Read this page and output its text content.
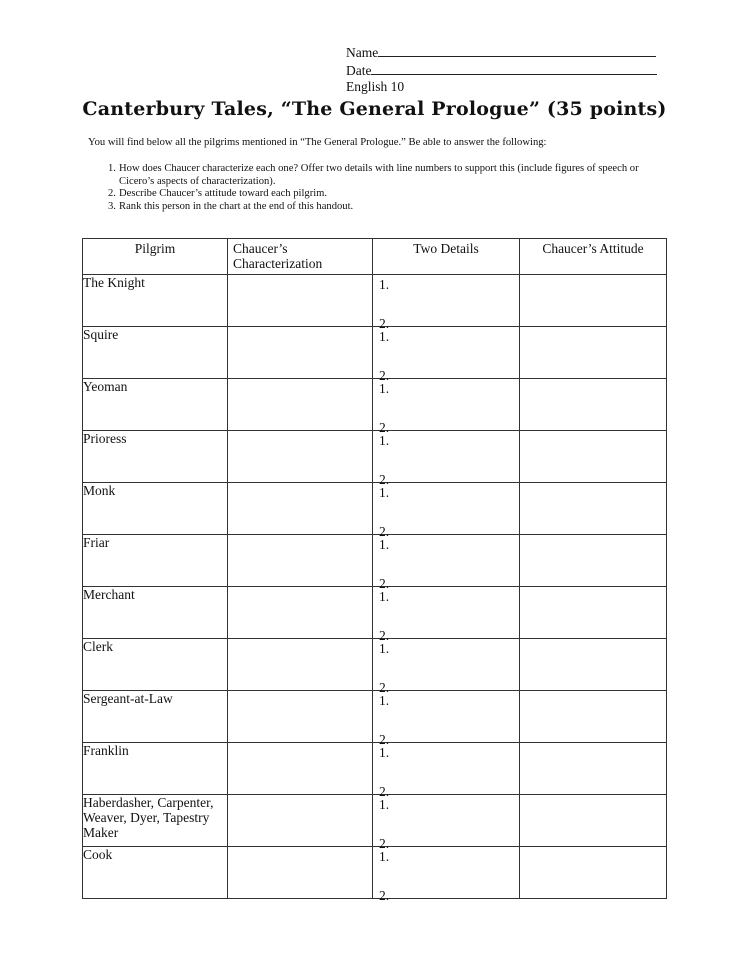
Name
Date
English 10
Canterbury Tales, “The General Prologue” (35 points)
You will find below all the pilgrims mentioned in “The General Prologue.” Be able to answer the following:
1. How does Chaucer characterize each one? Offer two details with line numbers to support this (include figures of speech or Cicero’s aspects of characterization).
2. Describe Chaucer’s attitude toward each pilgrim.
3. Rank this person in the chart at the end of this handout.
Pilgrim	Chaucer’s Characterization	Two Details	Chaucer’s Attitude
The Knight		1.
2.	

Squire		1.
2.	

Yeoman		1.
2.	

Prioress		1.
2.	

Monk		1.
2.	

Friar		1.
2.	

Merchant		1.
2.	

Clerk		1.
2.	

Sergeant-at-Law		1.
2.	

Franklin		1.
2.	

Haberdasher, Carpenter, Weaver, Dyer, Tapestry Maker		1.
2.	

Cook		1.
2.	
